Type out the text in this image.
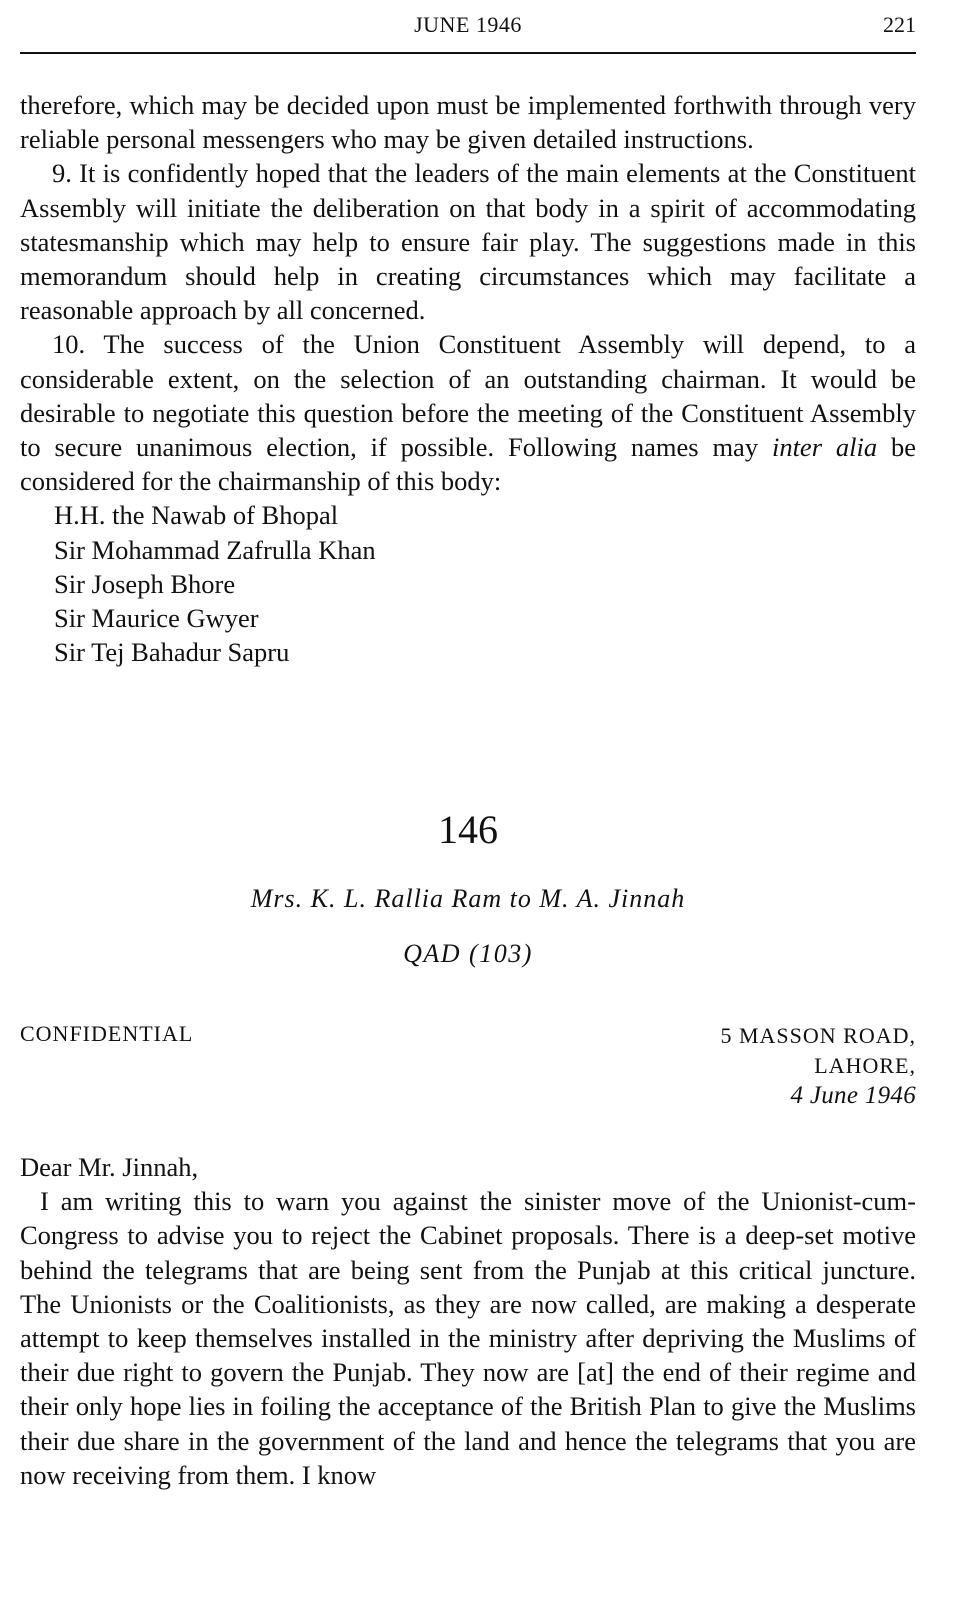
JUNE 1946	221

therefore, which may be decided upon must be implemented forthwith through very reliable personal messengers who may be given detailed instructions.

9. It is confidently hoped that the leaders of the main elements at the Constituent Assembly will initiate the deliberation on that body in a spirit of accommodating statesmanship which may help to ensure fair play. The suggestions made in this memorandum should help in creating circumstances which may facilitate a reasonable approach by all concerned.

10. The success of the Union Constituent Assembly will depend, to a considerable extent, on the selection of an outstanding chairman. It would be desirable to negotiate this question before the meeting of the Constituent Assembly to secure unanimous election, if possible. Following names may inter alia be considered for the chairmanship of this body:

H.H. the Nawab of Bhopal
Sir Mohammad Zafrulla Khan
Sir Joseph Bhore
Sir Maurice Gwyer
Sir Tej Bahadur Sapru
146
Mrs. K. L. Rallia Ram to M. A. Jinnah
QAD (103)
CONFIDENTIAL	5 MASSON ROAD,
LAHORE,
4 June 1946

Dear Mr. Jinnah,

I am writing this to warn you against the sinister move of the Unionist-cum-Congress to advise you to reject the Cabinet proposals. There is a deep-set motive behind the telegrams that are being sent from the Punjab at this critical juncture. The Unionists or the Coalitionists, as they are now called, are making a desperate attempt to keep themselves installed in the ministry after depriving the Muslims of their due right to govern the Punjab. They now are [at] the end of their regime and their only hope lies in foiling the acceptance of the British Plan to give the Muslims their due share in the government of the land and hence the telegrams that you are now receiving from them. I know
